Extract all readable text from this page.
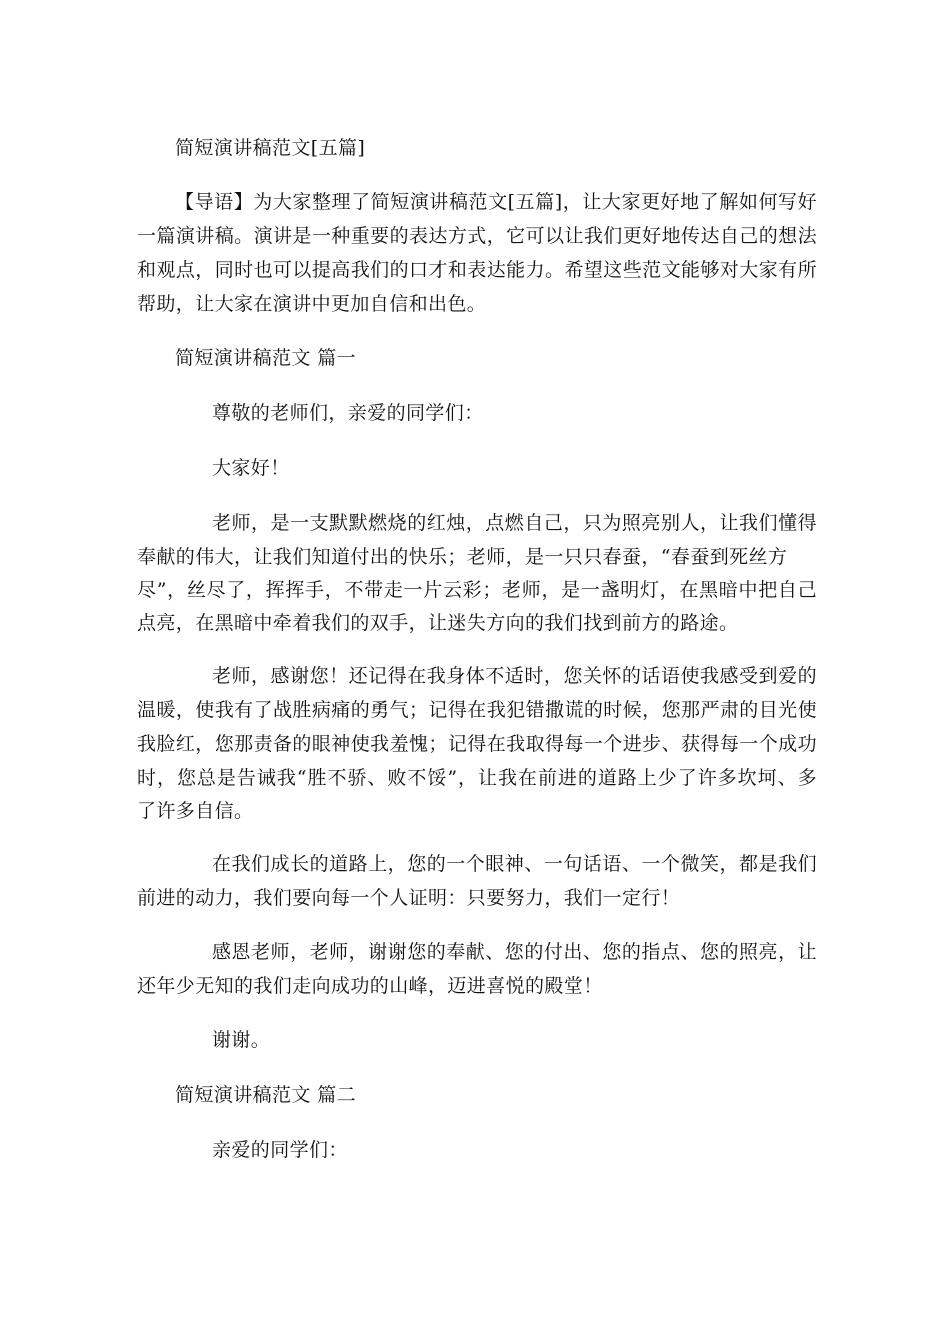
简短演讲稿范文[五篇]
【导语】为大家整理了简短演讲稿范文[五篇]，让大家更好地了解如何写好
一篇演讲稿。演讲是一种重要的表达方式，它可以让我们更好地传达自己的想法
和观点，同时也可以提高我们的口才和表达能力。希望这些范文能够对大家有所
帮助，让大家在演讲中更加自信和出色。
简短演讲稿范文 篇一
尊敬的老师们，亲爱的同学们：
大家好！
老师，是一支默默燃烧的红烛，点燃自己，只为照亮别人，让我们懂得
奉献的伟大，让我们知道付出的快乐；老师，是一只只春蚕，“春蚕到死丝方
尽”，丝尽了，挥挥手，不带走一片云彩；老师，是一盏明灯，在黑暗中把自己
点亮，在黑暗中牵着我们的双手，让迷失方向的我们找到前方的路途。
老师，感谢您！还记得在我身体不适时，您关怀的话语使我感受到爱的
温暖，使我有了战胜病痛的勇气；记得在我犯错撒谎的时候，您那严肃的目光使
我脸红，您那责备的眼神使我羞愧；记得在我取得每一个进步、获得每一个成功
时，您总是告诫我“胜不骄、败不馁”，让我在前进的道路上少了许多坎坷、多
了许多自信。
在我们成长的道路上，您的一个眼神、一句话语、一个微笑，都是我们
前进的动力，我们要向每一个人证明：只要努力，我们一定行！
感恩老师，老师，谢谢您的奉献、您的付出、您的指点、您的照亮，让
还年少无知的我们走向成功的山峰，迈进喜悦的殿堂！
谢谢。
简短演讲稿范文 篇二
亲爱的同学们：
